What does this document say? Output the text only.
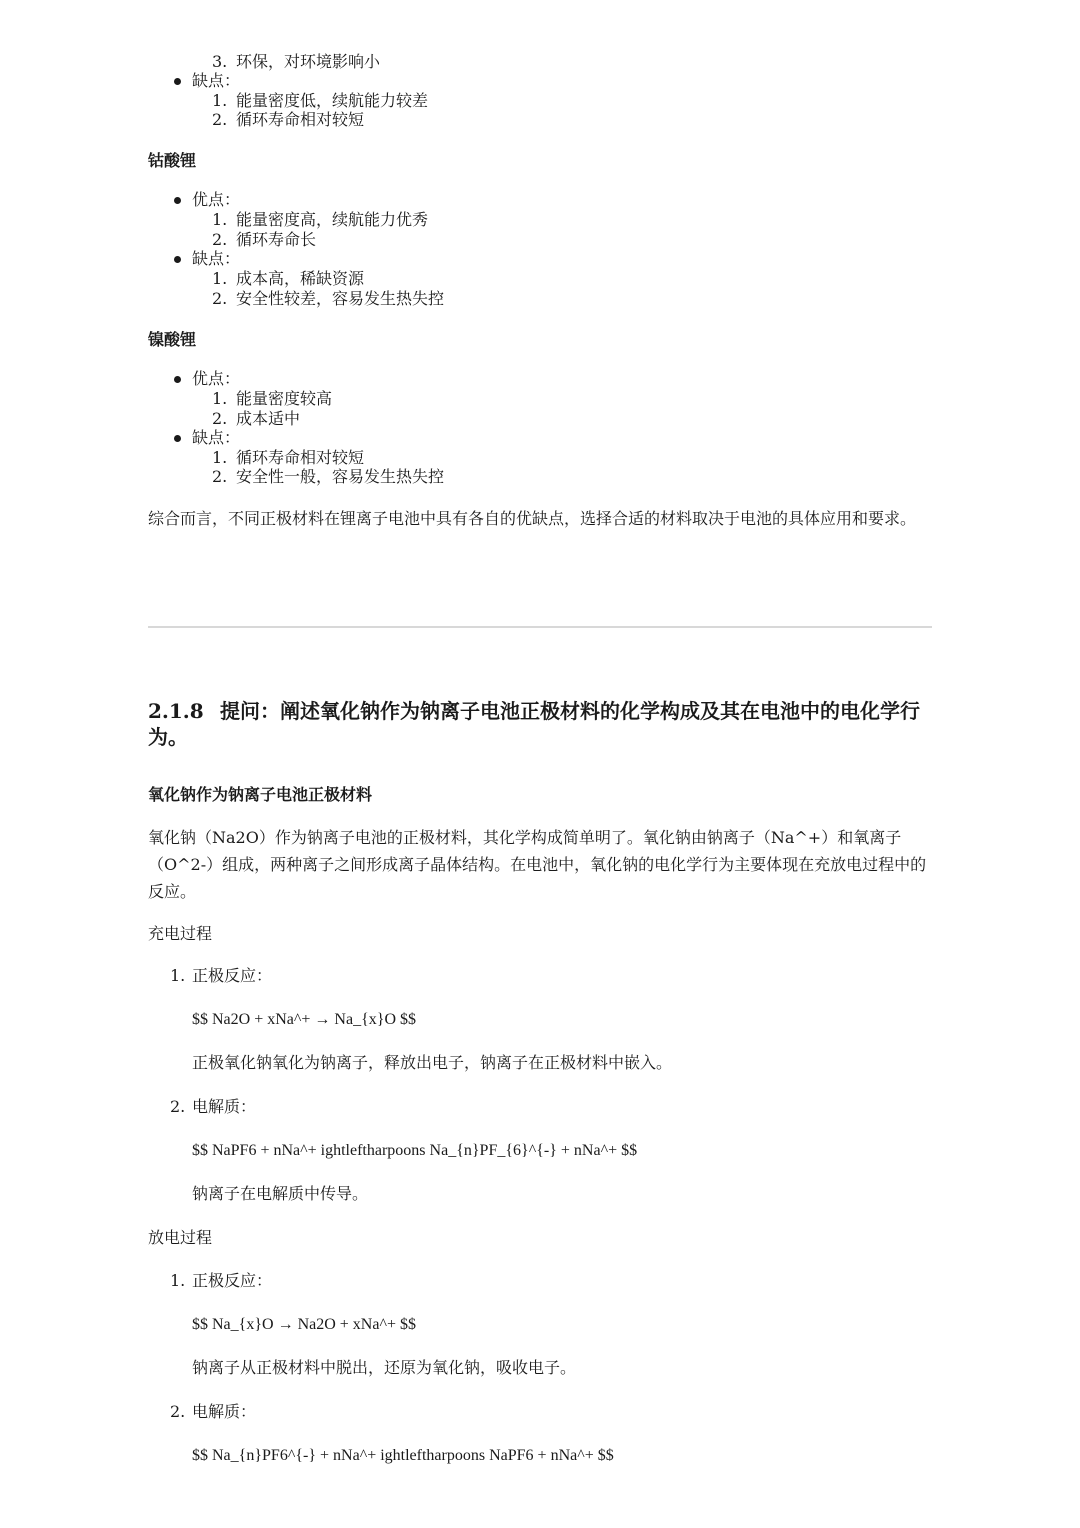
3. 环保，对环境影响小
缺点：
1. 能量密度低，续航能力较差
2. 循环寿命相对较短
钴酸锂
优点：
1. 能量密度高，续航能力优秀
2. 循环寿命长
缺点：
1. 成本高，稀缺资源
2. 安全性较差，容易发生热失控
镍酸锂
优点：
1. 能量密度较高
2. 成本适中
缺点：
1. 循环寿命相对较短
2. 安全性一般，容易发生热失控
综合而言，不同正极材料在锂离子电池中具有各自的优缺点，选择合适的材料取决于电池的具体应用和要求。
2.1.8 提问：阐述氧化钠作为钠离子电池正极材料的化学构成及其在电池中的电化学行为。
氧化钠作为钠离子电池正极材料
氧化钠（Na2O）作为钠离子电池的正极材料，其化学构成简单明了。氧化钠由钠离子（Na^+）和氧离子（O^2-）组成，两种离子之间形成离子晶体结构。在电池中，氧化钠的电化学行为主要体现在充放电过程中的反应。
充电过程
1. 正极反应：
$$ Na2O + xNa^+ → Na_{x}O $$
正极氧化钠氧化为钠离子，释放出电子，钠离子在正极材料中嵌入。
2. 电解质：
$$ NaPF6 + nNa^+ ightleftharpoons Na_{n}PF_{6}^{-} + nNa^+ $$
钠离子在电解质中传导。
放电过程
1. 正极反应：
$$ Na_{x}O → Na2O + xNa^+ $$
钠离子从正极材料中脱出，还原为氧化钠，吸收电子。
2. 电解质：
$$ Na_{n}PF6^{-} + nNa^+ ightleftharpoons NaPF6 + nNa^+ $$
